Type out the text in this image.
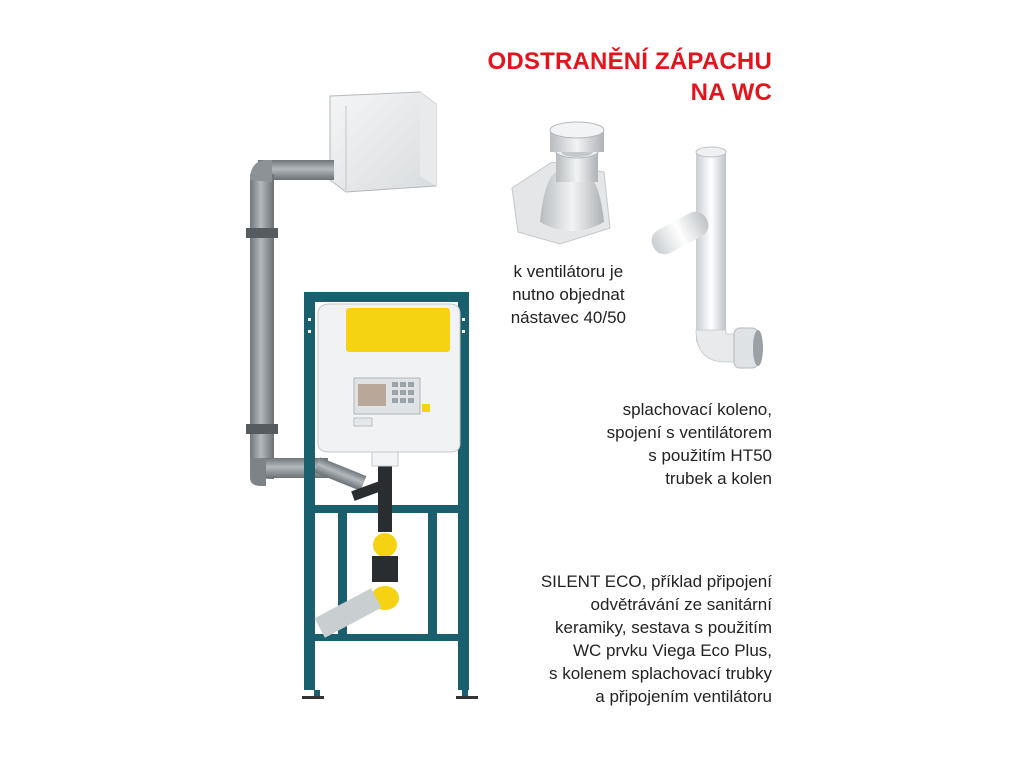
ODSTRANĚNÍ ZÁPACHU
NA WC
k ventilátoru je
nutno objednat
nástavec 40/50
splachovací koleno,
spojení s ventilátorem
s použitím HT50
trubek a kolen
SILENT ECO, příklad připojení
odvětrávání ze sanitární
keramiky, sestava s použitím
WC prvku Viega Eco Plus,
s kolenem splachovací trubky
a připojením ventilátoru
